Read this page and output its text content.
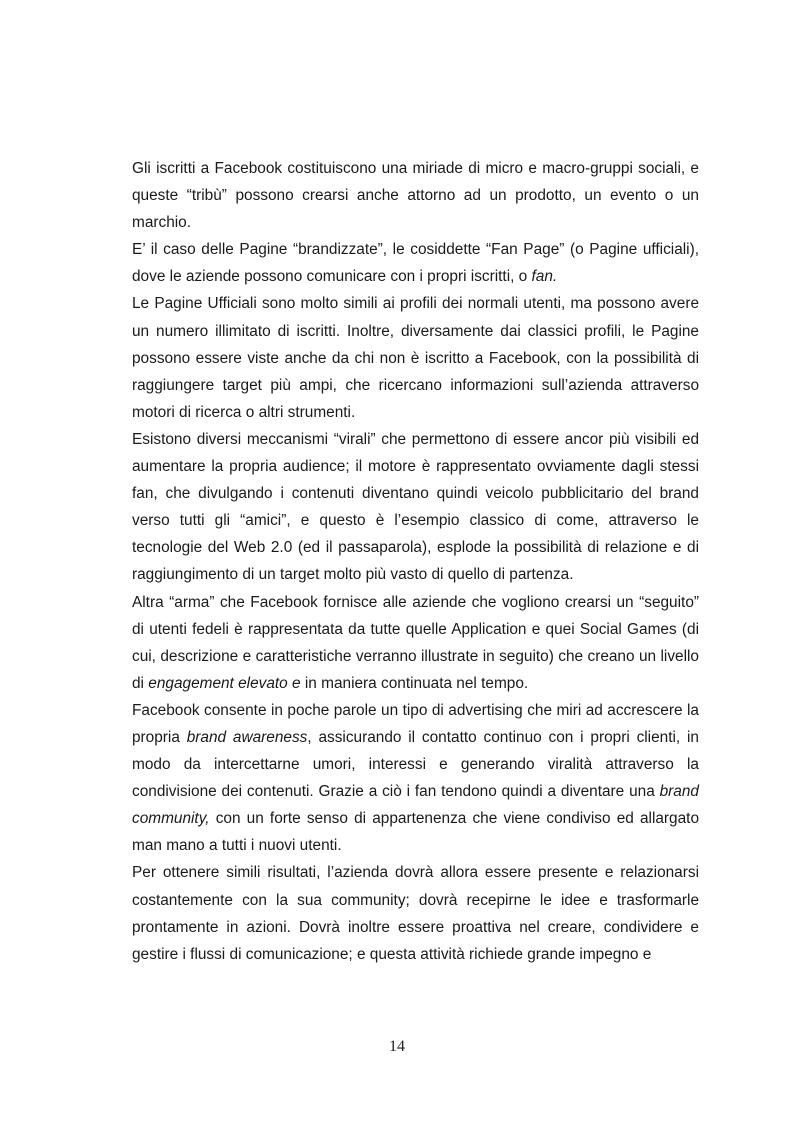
Gli iscritti a Facebook costituiscono una miriade di micro e macro-gruppi sociali, e queste “tribù” possono crearsi anche attorno ad un prodotto, un evento o un marchio.

E’ il caso delle Pagine “brandizzate”, le cosiddette “Fan Page” (o Pagine ufficiali), dove le aziende possono comunicare con i propri iscritti, o fan.

Le Pagine Ufficiali sono molto simili ai profili dei normali utenti, ma possono avere un numero illimitato di iscritti. Inoltre, diversamente dai classici profili, le Pagine possono essere viste anche da chi non è iscritto a Facebook, con la possibilità di raggiungere target più ampi, che ricercano informazioni sull’azienda attraverso motori di ricerca o altri strumenti.

Esistono diversi meccanismi “virali” che permettono di essere ancor più visibili ed aumentare la propria audience; il motore è rappresentato ovviamente dagli stessi fan, che divulgando i contenuti diventano quindi veicolo pubblicitario del brand verso tutti gli “amici”, e questo è l’esempio classico di come, attraverso le tecnologie del Web 2.0 (ed il passaparola), esplode la possibilità di relazione e di raggiungimento di un target molto più vasto di quello di partenza.

Altra “arma” che Facebook fornisce alle aziende che vogliono crearsi un “seguito” di utenti fedeli è rappresentata da tutte quelle Application e quei Social Games (di cui, descrizione e caratteristiche verranno illustrate in seguito) che creano un livello di engagement elevato e in maniera continuata nel tempo.

Facebook consente in poche parole un tipo di advertising che miri ad accrescere la propria brand awareness, assicurando il contatto continuo con i propri clienti, in modo da intercettarne umori, interessi e generando viralità attraverso la condivisione dei contenuti. Grazie a ciò i fan tendono quindi a diventare una brand community, con un forte senso di appartenenza che viene condiviso ed allargato man mano a tutti i nuovi utenti.

Per ottenere simili risultati, l’azienda dovrà allora essere presente e relazionarsi costantemente con la sua community; dovrà recepirne le idee e trasformarle prontamente in azioni. Dovrà inoltre essere proattiva nel creare, condividere e gestire i flussi di comunicazione; e questa attività richiede grande impegno e

14
